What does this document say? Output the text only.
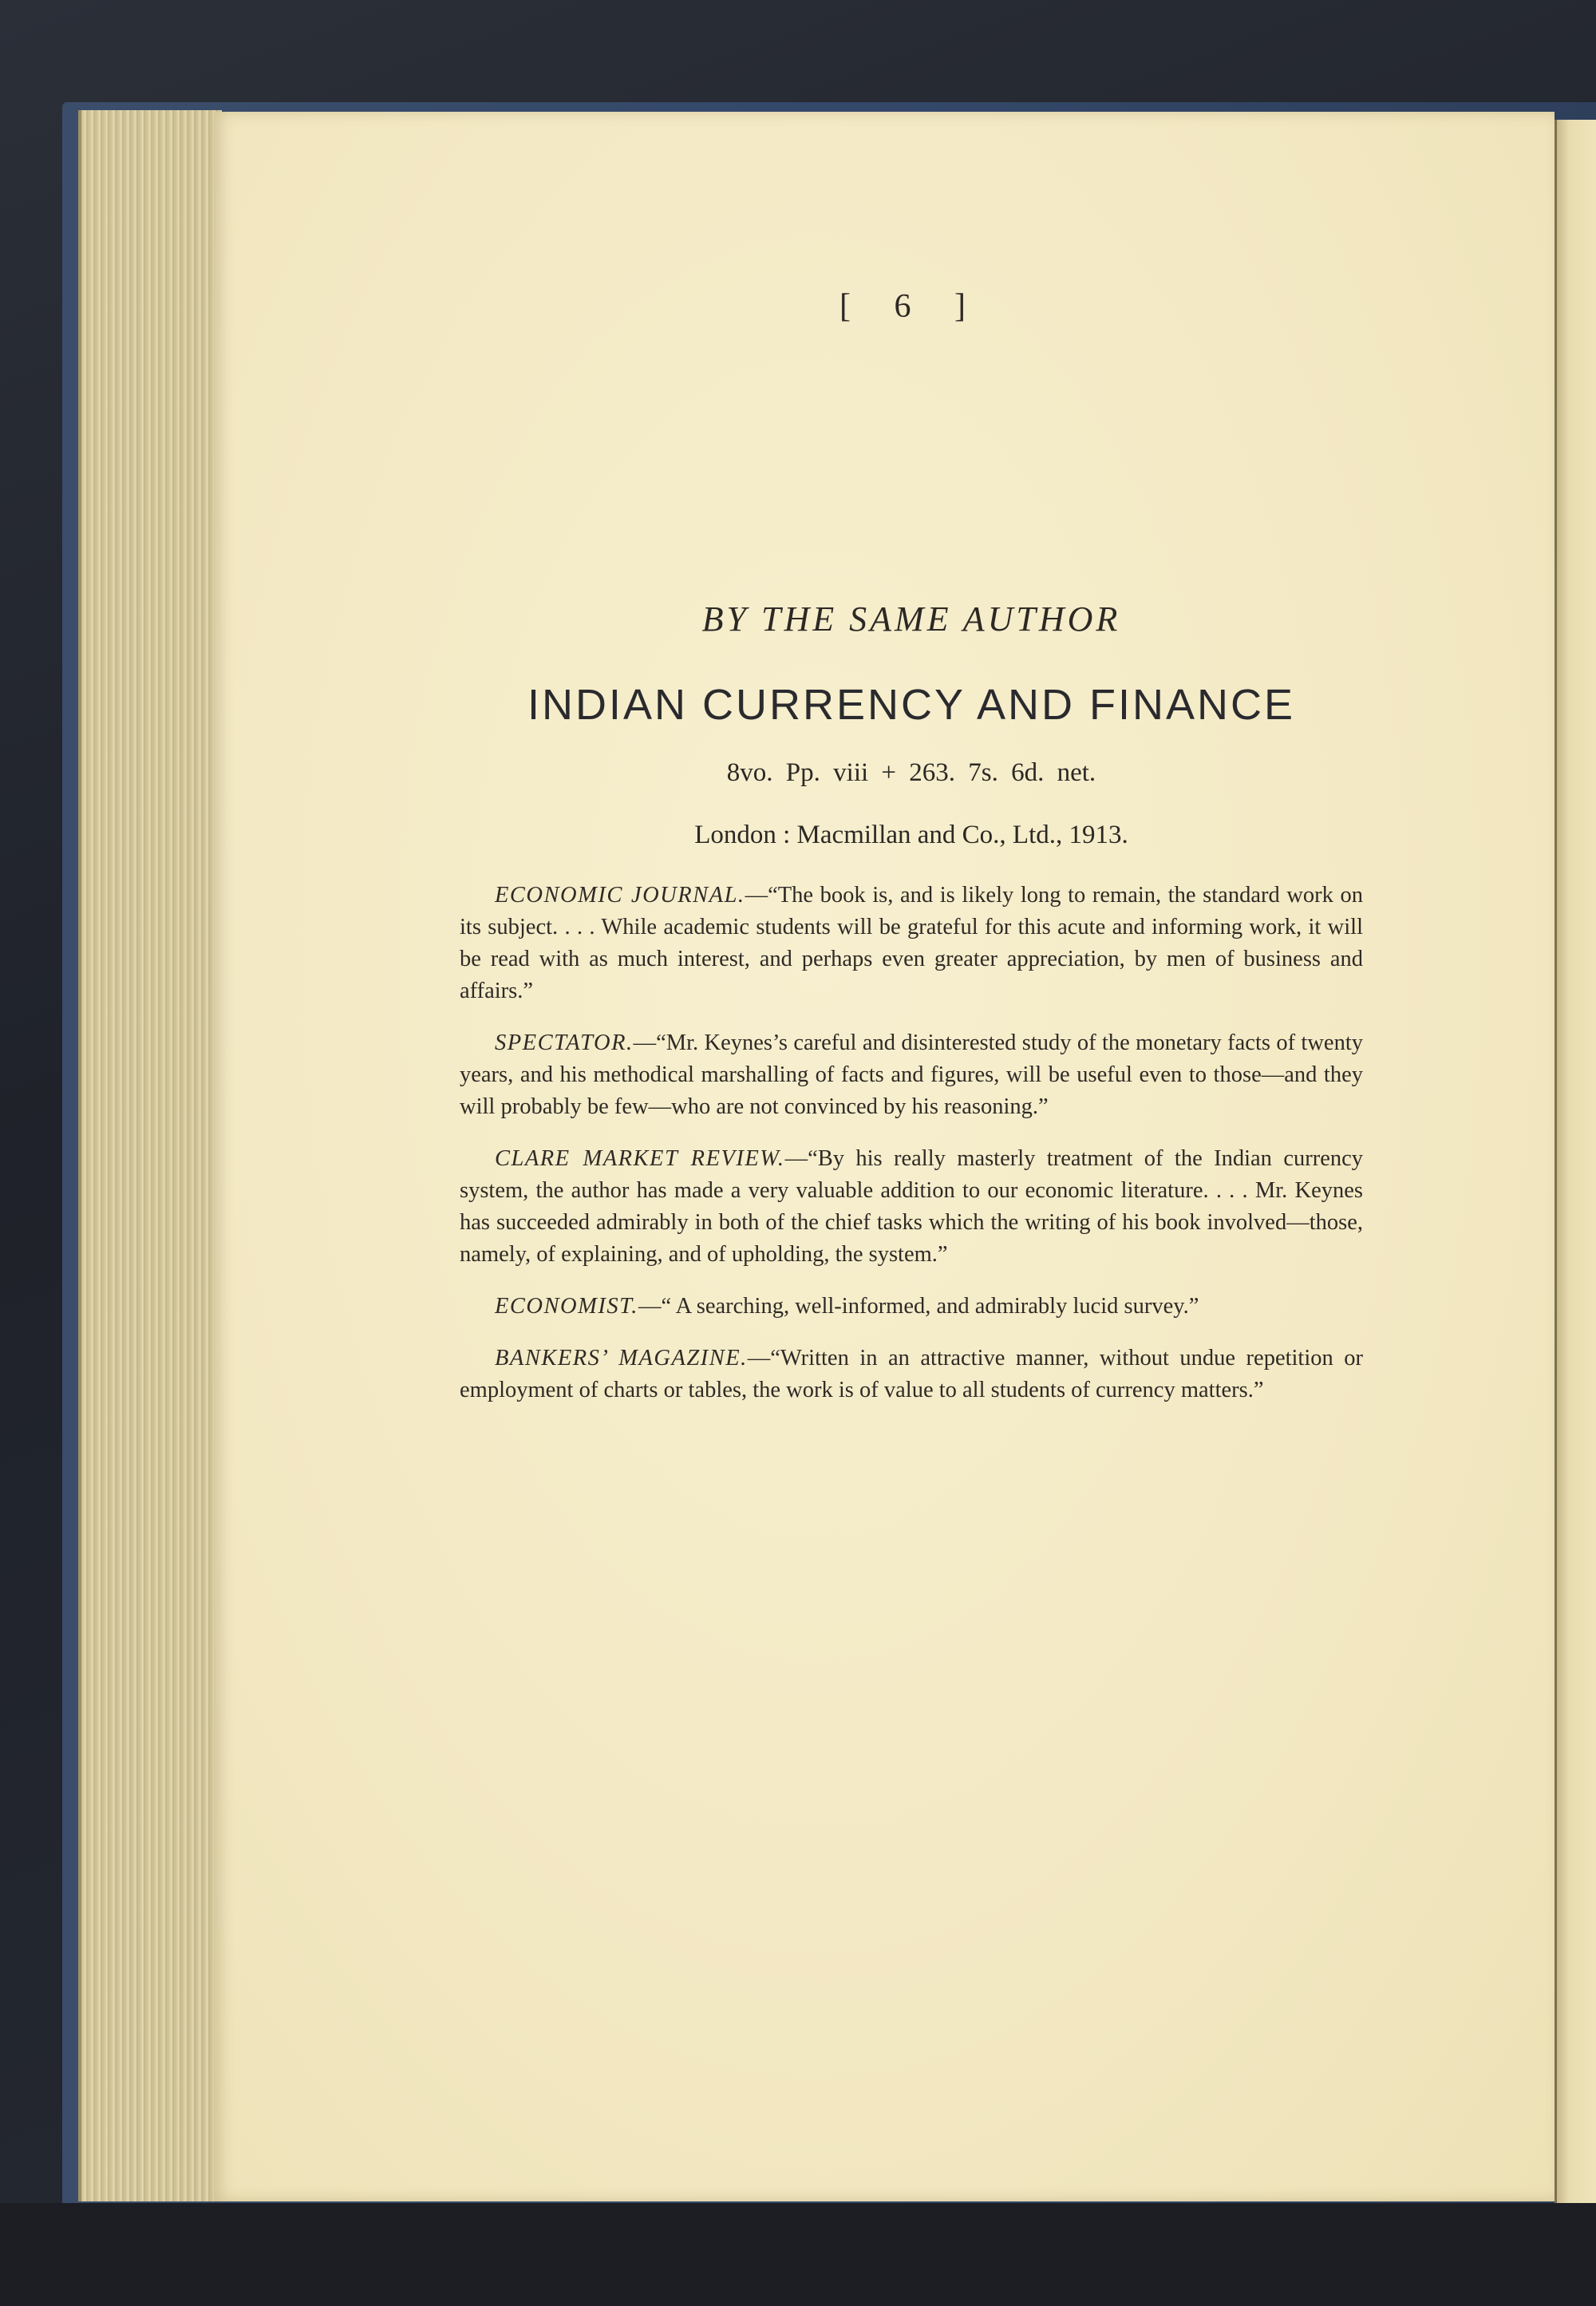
[ 6 ]
BY THE SAME AUTHOR
INDIAN CURRENCY AND FINANCE
8vo. Pp. viii + 263. 7s. 6d. net.
London : Macmillan and Co., Ltd., 1913.

ECONOMIC JOURNAL.—“The book is, and is likely long to remain, the standard work on its subject. . . . While academic students will be grateful for this acute and informing work, it will be read with as much interest, and perhaps even greater appreciation, by men of business and affairs.”

SPECTATOR.—“Mr. Keynes’s careful and disinterested study of the monetary facts of twenty years, and his methodical marshalling of facts and figures, will be useful even to those—and they will probably be few—who are not convinced by his reasoning.”

CLARE MARKET REVIEW.—“By his really masterly treatment of the Indian currency system, the author has made a very valuable addition to our economic literature. . . . Mr. Keynes has succeeded admirably in both of the chief tasks which the writing of his book involved—those, namely, of explaining, and of upholding, the system.”

ECONOMIST.—“ A searching, well-informed, and admirably lucid survey.”

BANKERS’ MAGAZINE.—“Written in an attractive manner, without undue repetition or employment of charts or tables, the work is of value to all students of currency matters.”
